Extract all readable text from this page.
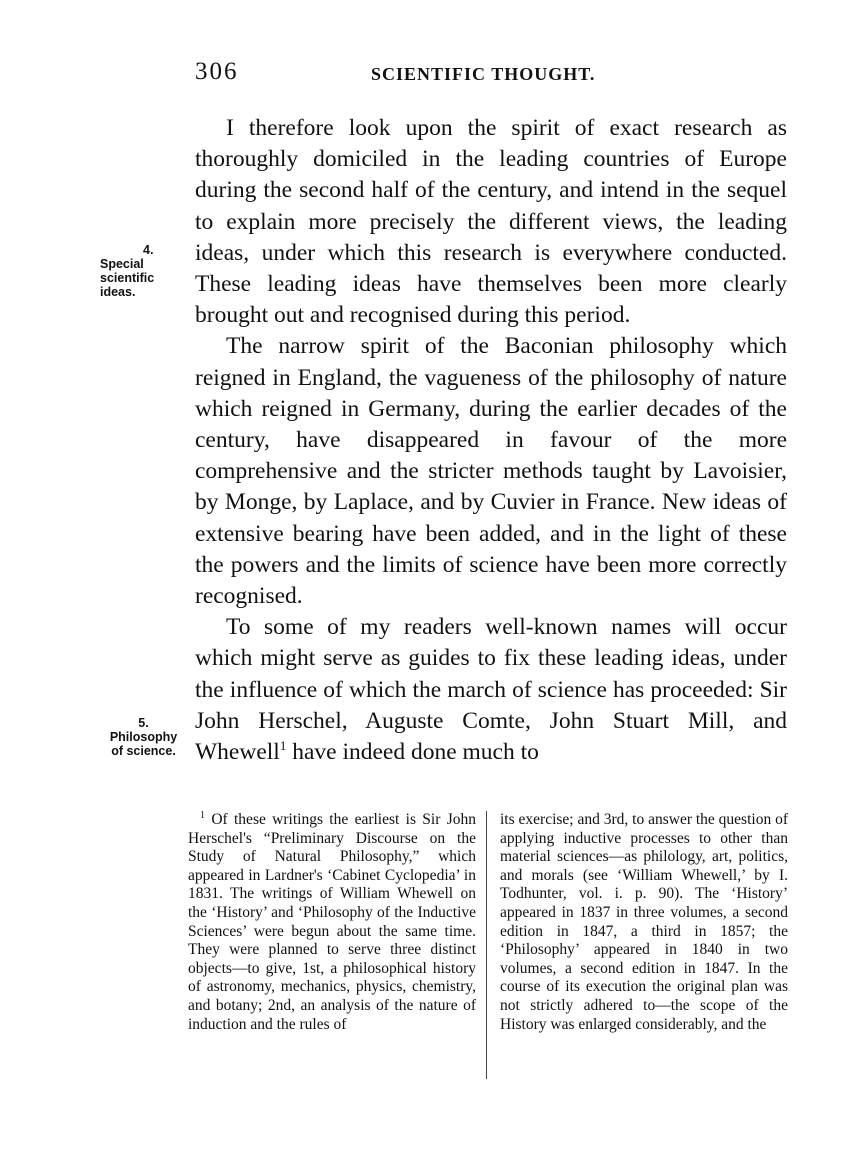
306	SCIENTIFIC THOUGHT.
4.
Special
scientific
ideas.
5.
Philosophy
of science.

I therefore look upon the spirit of exact research as thoroughly domiciled in the leading countries of Europe during the second half of the century, and intend in the sequel to explain more precisely the different views, the leading ideas, under which this research is everywhere conducted. These leading ideas have themselves been more clearly brought out and recognised during this period.

The narrow spirit of the Baconian philosophy which reigned in England, the vagueness of the philosophy of nature which reigned in Germany, during the earlier decades of the century, have disappeared in favour of the more comprehensive and the stricter methods taught by Lavoisier, by Monge, by Laplace, and by Cuvier in France. New ideas of extensive bearing have been added, and in the light of these the powers and the limits of science have been more correctly recognised.

To some of my readers well-known names will occur which might serve as guides to fix these leading ideas, under the influence of which the march of science has proceeded: Sir John Herschel, Auguste Comte, John Stuart Mill, and Whewell$^1$ have indeed done much to

$^1$ Of these writings the earliest is Sir John Herschel's “Preliminary Discourse on the Study of Natural Philosophy,” which appeared in Lardner's ‘Cabinet Cyclopedia’ in 1831. The writings of William Whewell on the ‘History’ and ‘Philosophy of the Inductive Sciences’ were begun about the same time. They were planned to serve three distinct objects—to give, 1st, a philosophical history of astronomy, mechanics, physics, chemistry, and botany; 2nd, an analysis of the nature of induction and the rules of

its exercise; and 3rd, to answer the question of applying inductive processes to other than material sciences—as philology, art, politics, and morals (see ‘William Whewell,’ by I. Todhunter, vol. i. p. 90). The ‘History’ appeared in 1837 in three volumes, a second edition in 1847, a third in 1857; the ‘Philosophy’ appeared in 1840 in two volumes, a second edition in 1847. In the course of its execution the original plan was not strictly adhered to—the scope of the History was enlarged considerably, and the
